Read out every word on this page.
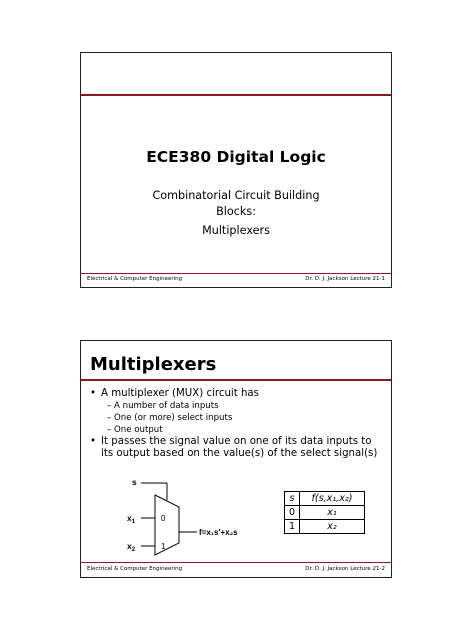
ECE380 Digital Logic
Combinatorial Circuit Building
Blocks:
Multiplexers
Electrical & Computer Engineering	Dr. D. J. Jackson Lecture 21-1
Multiplexers
• A multiplexer (MUX) circuit has
– A number of data inputs
– One (or more) select inputs
– One output
• It passes the signal value on one of its data inputs to its output based on the value(s) of the select signal(s)
s
$x_1$	0
$x_2$	1
f=x₁s′+x₂s
s	f(s,x₁,x₂)
0	x₁
1	x₂
Electrical & Computer Engineering	Dr. D. J. Jackson Lecture 21-2
